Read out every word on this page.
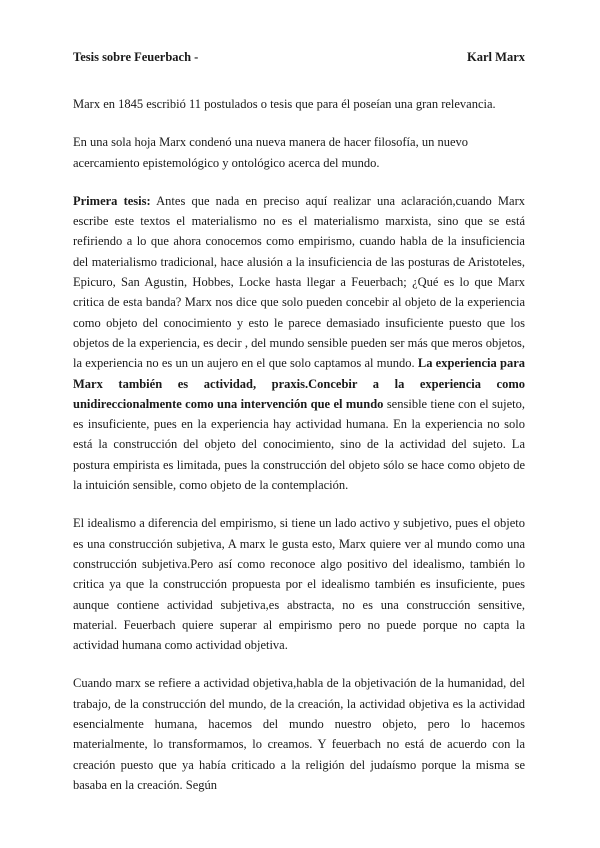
Tesis sobre Feuerbach -	Karl Marx

Marx en 1845 escribió 11 postulados o tesis que para él poseían una gran relevancia.

En una sola hoja Marx condenó una nueva manera de hacer filosofía, un nuevo acercamiento epistemológico y ontológico acerca del mundo.

Primera tesis: Antes que nada en preciso aquí realizar una aclaración,cuando Marx escribe este textos el materialismo no es el materialismo marxista, sino que se está refiriendo a lo que ahora conocemos como empirismo, cuando habla de la insuficiencia del materialismo tradicional, hace alusión a la insuficiencia de las posturas de Aristoteles, Epicuro, San Agustin, Hobbes, Locke hasta llegar a Feuerbach; ¿Qué es lo que Marx critica de esta banda? Marx nos dice que solo pueden concebir al objeto de la experiencia como objeto del conocimiento y esto le parece demasiado insuficiente puesto que los objetos de la experiencia, es decir , del mundo sensible pueden ser más que meros objetos, la experiencia no es un un aujero en el que solo captamos al mundo. La experiencia para Marx también es actividad, praxis.Concebir a la experiencia como unidireccionalmente como una intervención que el mundo sensible tiene con el sujeto, es insuficiente, pues en la experiencia hay actividad humana. En la experiencia no solo está la construcción del objeto del conocimiento, sino de la actividad del sujeto. La postura empirista es limitada, pues la construcción del objeto sólo se hace como objeto de la intuición sensible, como objeto de la contemplación.

El idealismo a diferencia del empirismo, si tiene un lado activo y subjetivo, pues el objeto es una construcción subjetiva, A marx le gusta esto, Marx quiere ver al mundo como una construcción subjetiva.Pero así como reconoce algo positivo del idealismo, también lo critica ya que la construcción propuesta por el idealismo también es insuficiente, pues aunque contiene actividad subjetiva,es abstracta, no es una construcción sensitive, material. Feuerbach quiere superar al empirismo pero no puede porque no capta la actividad humana como actividad objetiva.

Cuando marx se refiere a actividad objetiva,habla de la objetivación de la humanidad, del trabajo, de la construcción del mundo, de la creación, la actividad objetiva es la actividad esencialmente humana, hacemos del mundo nuestro objeto, pero lo hacemos materialmente, lo transformamos, lo creamos. Y feuerbach no está de acuerdo con la creación puesto que ya había criticado a la religión del judaísmo porque la misma se basaba en la creación. Según
